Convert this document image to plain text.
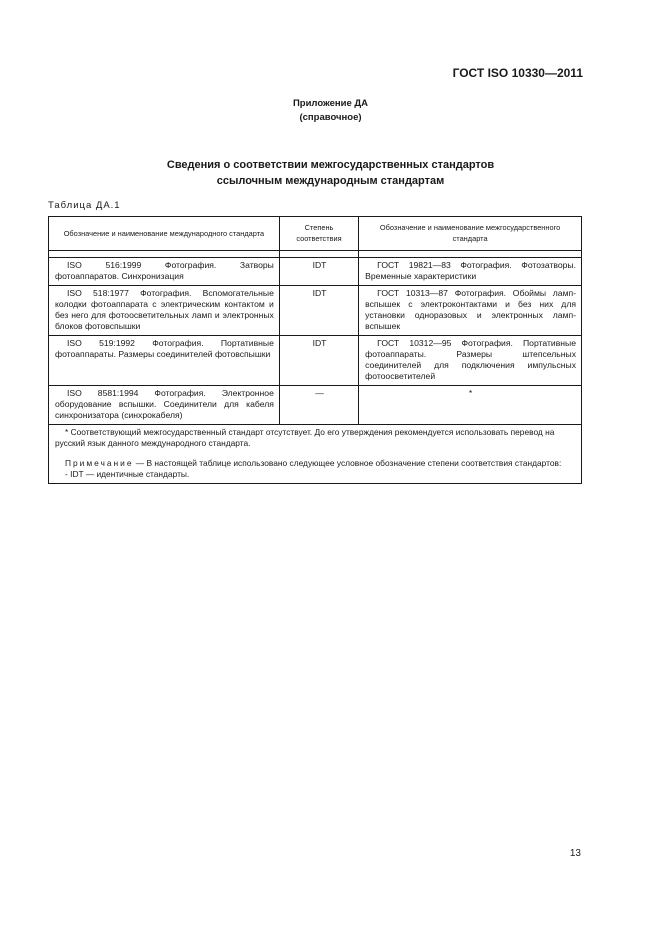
ГОСТ ISO 10330—2011
Приложение ДА
(справочное)
Сведения о соответствии межгосударственных стандартов
ссылочным международным стандартам
Таблица ДА.1
Обозначение и наименование международного стандарта	Степень соответствия	Обозначение и наименование межгосударственного стандарта

ISO 516:1999 Фотография. Затворы фотоаппаратов. Синхронизация	IDT	ГОСТ 19821—83 Фотография. Фотозатворы. Временные характеристики
ISO 518:1977 Фотография. Вспомогательные колодки фотоаппарата с электрическим контактом и без него для фотоосветительных ламп и электронных блоков фотовспышки	IDT	ГОСТ 10313—87 Фотография. Обоймы ламп-вспышек с электроконтактами и без них для установки одноразовых и электронных ламп-вспышек
ISO 519:1992 Фотография. Портативные фотоаппараты. Размеры соединителей фотовспышки	IDT	ГОСТ 10312—95 Фотография. Портативные фотоаппараты. Размеры штепсельных соединителей для подключения импульсных фотоосветителей
ISO 8581:1994 Фотография. Электронное оборудование вспышки. Соединители для кабеля синхронизатора (синхрокабеля)	—	*

* Соответствующий межгосударственный стандарт отсутствует. До его утверждения рекомендуется использовать перевод на русский язык данного международного стандарта.

Примечание — В настоящей таблице использовано следующее условное обозначение степени соответствия стандартов:

- IDT — идентичные стандарты.		

13
